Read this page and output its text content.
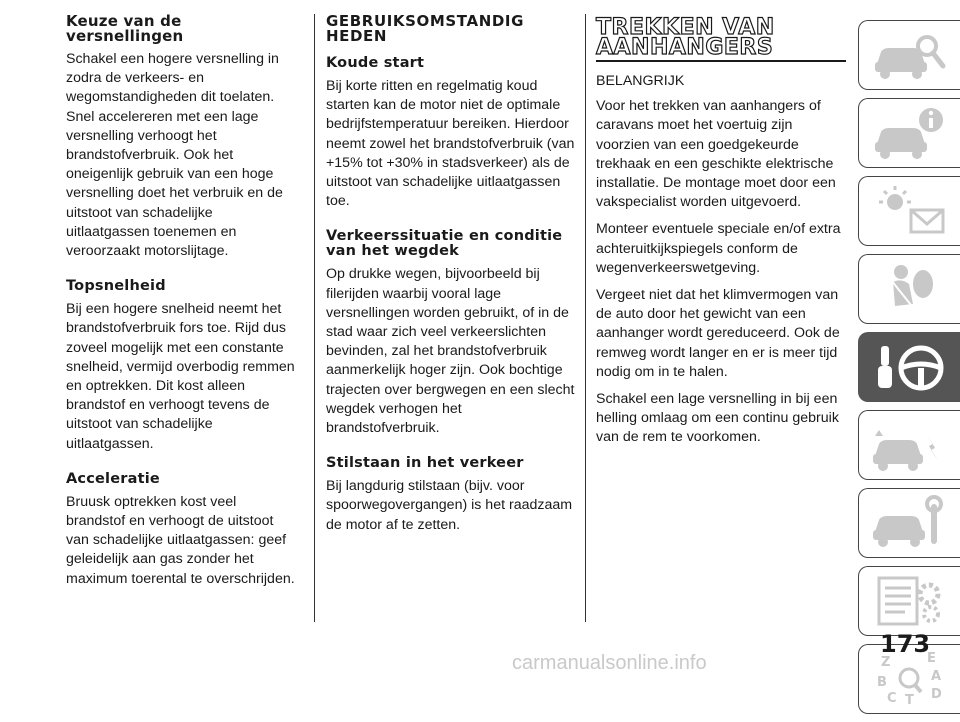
Keuze van de versnellingen

Schakel een hogere versnelling in zodra de verkeers- en wegomstandigheden dit toelaten. Snel accelereren met een lage versnelling verhoogt het brandstofverbruik. Ook het oneigenlijk gebruik van een hoge versnelling doet het verbruik en de uitstoot van schadelijke uitlaatgassen toenemen en veroorzaakt motorslijtage.

Topsnelheid

Bij een hogere snelheid neemt het brandstofverbruik fors toe. Rijd dus zoveel mogelijk met een constante snelheid, vermijd overbodig remmen en optrekken. Dit kost alleen brandstof en verhoogt tevens de uitstoot van schadelijke uitlaatgassen.

Acceleratie

Bruusk optrekken kost veel brandstof en verhoogt de uitstoot van schadelijke uitlaatgassen: geef geleidelijk aan gas zonder het maximum toerental te overschrijden.

GEBRUIKSOMSTANDIG HEDEN
Koude start

Bij korte ritten en regelmatig koud starten kan de motor niet de optimale bedrijfstemperatuur bereiken. Hierdoor neemt zowel het brandstofverbruik (van +15% tot +30% in stadsverkeer) als de uitstoot van schadelijke uitlaatgassen toe.

Verkeerssituatie en conditie van het wegdek

Op drukke wegen, bijvoorbeeld bij filerijden waarbij vooral lage versnellingen worden gebruikt, of in de stad waar zich veel verkeerslichten bevinden, zal het brandstofverbruik aanmerkelijk hoger zijn. Ook bochtige trajecten over bergwegen en een slecht wegdek verhogen het brandstofverbruik.

Stilstaan in het verkeer

Bij langdurig stilstaan (bijv. voor spoorwegovergangen) is het raadzaam de motor af te zetten.

TREKKEN VAN
AANHANGERS

BELANGRIJK

Voor het trekken van aanhangers of caravans moet het voertuig zijn voorzien van een goedgekeurde trekhaak en een geschikte elektrische installatie. De montage moet door een vakspecialist worden uitgevoerd.

Monteer eventuele speciale en/of extra achteruitkijkspiegels conform de wegenverkeerswetgeving.

Vergeet niet dat het klimvermogen van de auto door het gewicht van een aanhanger wordt gereduceerd. Ook de remweg wordt langer en er is meer tijd nodig om in te halen.

Schakel een lage versnelling in bij een helling omlaag om een continu gebruik van de rem te voorkomen.

Z	E
A
B
C T D
173
carmanualsonline.info
